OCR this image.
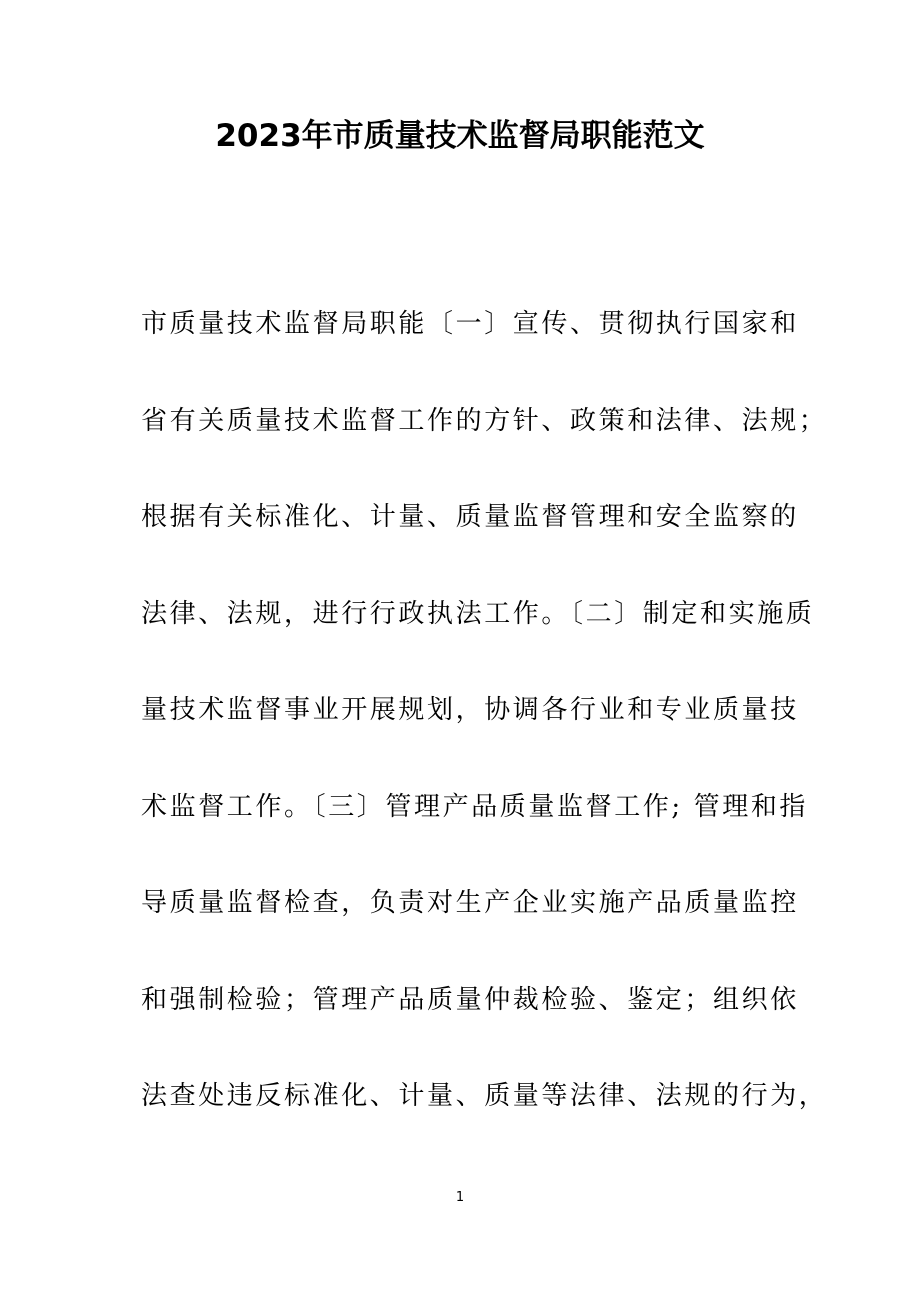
2023年市质量技术监督局职能范文
市质量技术监督局职能〔一〕宣传、贯彻执行国家和
省有关质量技术监督工作的方针、政策和法律、法规；
根据有关标准化、计量、质量监督管理和安全监察的
法律、法规，进行行政执法工作。〔二〕制定和实施质
量技术监督事业开展规划，协调各行业和专业质量技
术监督工作。〔三〕管理产品质量监督工作; 管理和指
导质量监督检查，负责对生产企业实施产品质量监控
和强制检验；管理产品质量仲裁检验、鉴定；组织依
法查处违反标准化、计量、质量等法律、法规的行为，
1
